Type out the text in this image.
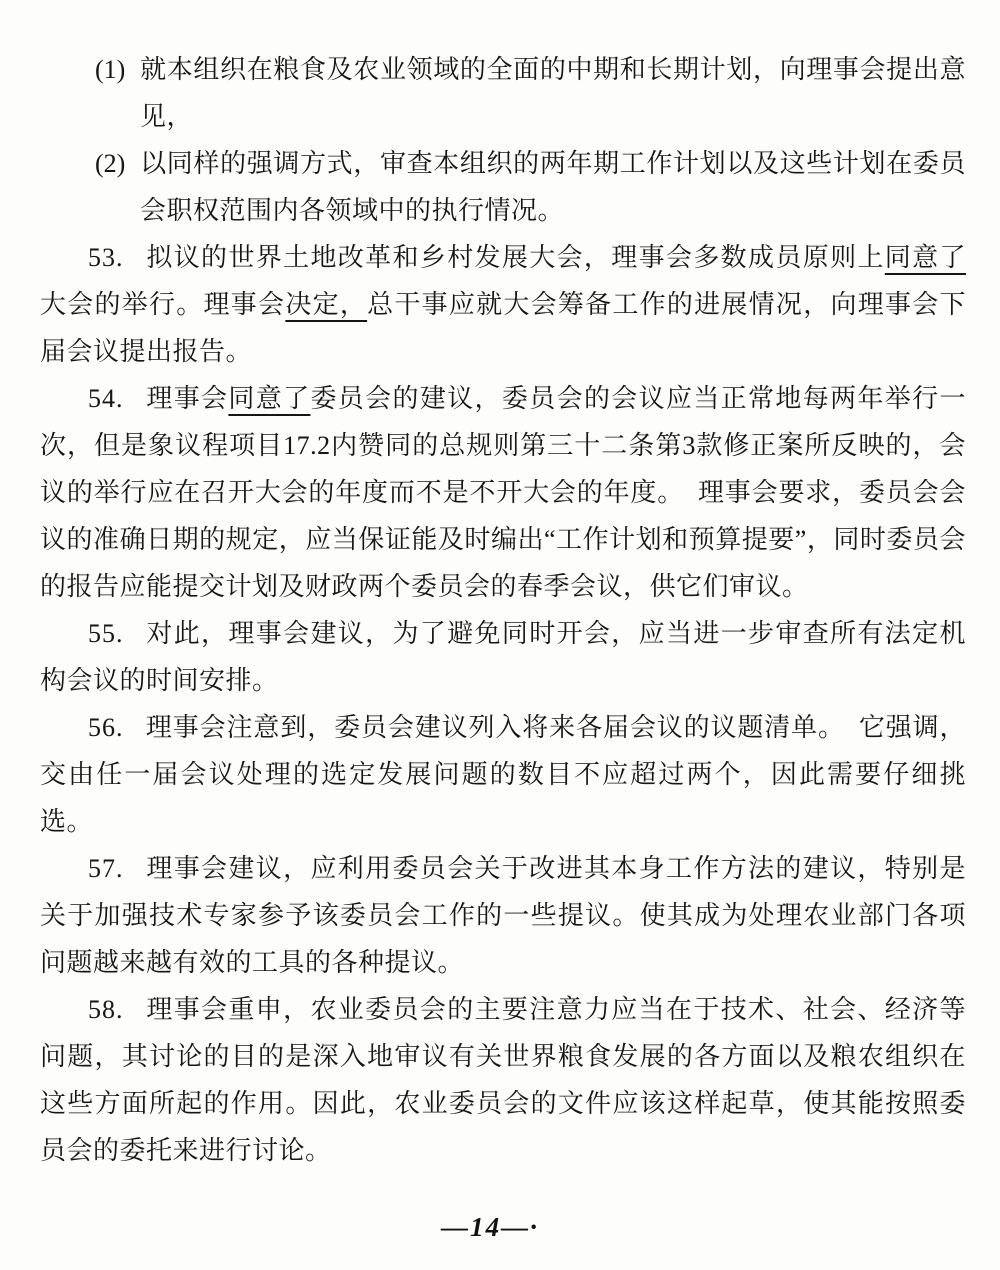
(1) 就本组织在粮食及农业领域的全面的中期和长期计划，向理事会提出意见，
(2) 以同样的强调方式，审查本组织的两年期工作计划以及这些计划在委员会职权范围内各领域中的执行情况。

53. 拟议的世界土地改革和乡村发展大会，理事会多数成员原则上同意了大会的举行。理事会决定，总干事应就大会筹备工作的进展情况，向理事会下届会议提出报告。

54. 理事会同意了委员会的建议，委员会的会议应当正常地每两年举行一次，但是象议程项目17.2内赞同的总规则第三十二条第3款修正案所反映的，会议的举行应在召开大会的年度而不是不开大会的年度。　理事会要求，委员会会议的准确日期的规定，应当保证能及时编出“工作计划和预算提要”，同时委员会的报告应能提交计划及财政两个委员会的春季会议，供它们审议。

55. 对此，理事会建议，为了避免同时开会，应当进一步审查所有法定机构会议的时间安排。

56. 理事会注意到，委员会建议列入将来各届会议的议题清单。　它强调，交由任一届会议处理的选定发展问题的数目不应超过两个，因此需要仔细挑选。

57. 理事会建议，应利用委员会关于改进其本身工作方法的建议，特别是关于加强技术专家参予该委员会工作的一些提议。使其成为处理农业部门各项问题越来越有效的工具的各种提议。

58. 理事会重申，农业委员会的主要注意力应当在于技术、社会、经济等问题，其讨论的目的是深入地审议有关世界粮食发展的各方面以及粮农组织在这些方面所起的作用。因此，农业委员会的文件应该这样起草，使其能按照委员会的委托来进行讨论。

—14—·
